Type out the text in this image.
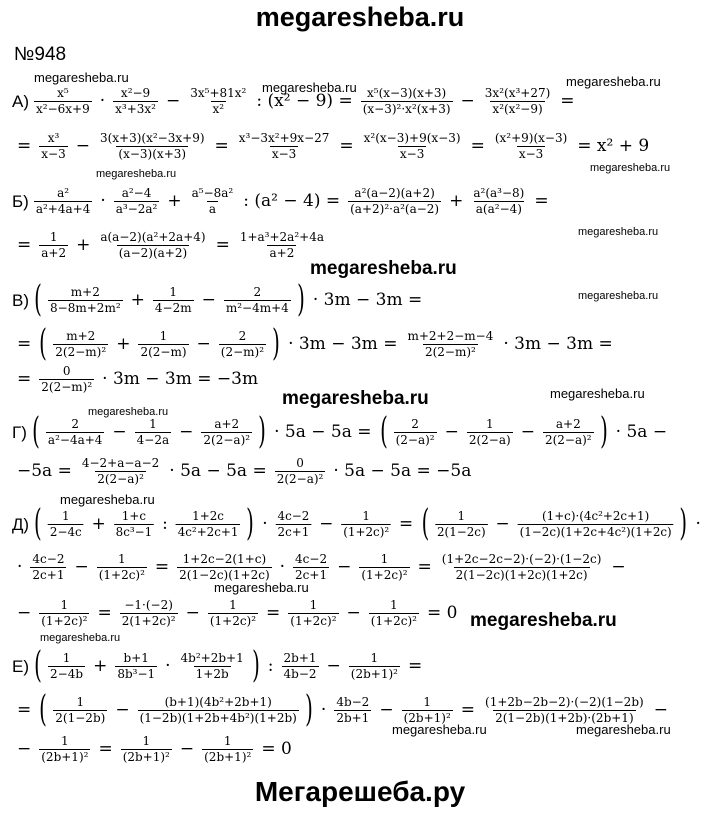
megaresheba.ru
№948
megaresheba.ru
megaresheba.ru	megaresheba.ru
megaresheba.ru
megaresheba.ru
megaresheba.ru
megaresheba.ru
megaresheba.ru
megaresheba.ru	megaresheba.ru
megaresheba.ru
megaresheba.ru
megaresheba.ru
megaresheba.ru
megaresheba.ru
megaresheba.ru	megaresheba.ru
$А) \frac{\text{x⁵}}{\text{x²−6x+9}} \cdot \frac{\text{x²−9}}{\text{x³+3x²}} - \frac{\text{3x⁵+81x²}}{\text{x²}}$ : $(x^2 - 9) = \frac{\text{x⁵(x−3)(x+3)}}{\text{(x−3)²·x²(x+3)}} - \frac{\text{3x²(x³+27)}}{\text{x²(x²−9)}}$ =
= $\frac{\text{x³}}{x-3} - \frac{\text{3(x+3)(x²−3x+9)}}{(x-3)(x+3)} = \frac{\text{x³−3x²+9x−27}}{x-3} = \frac{\text{x²(x−3)+9(x−3)}}{x-3} = \frac{\text{(x²+9)(x−3)}}{x-3} = x^2 + 9$
$Б) \frac{\text{a²}}{\text{a²+4a+4}} \cdot \frac{\text{a²−4}}{\text{a³−2a²}} + \frac{\text{a⁵−8a²}}{a}$ : $(a^2 - 4) = \frac{\text{a²(a−2)(a+2)}}{\text{(a+2)²·a²(a−2)}} + \frac{\text{a²(a³−8)}}{\text{a(a²−4)}}$ =
= $\frac{1}{a+2} + \frac{\text{a(a−2)(a²+2a+4)}}{(a-2)(a+2)} = \frac{\text{1+a³+2a²+4a}}{a+2}$
В) ( $\frac{m+2}{\text{8−8m+2m²}} + \frac{1}{4-2m} - \frac{2}{\text{m²−4m+4}}$ ) · 3m − 3m =
= ( $\frac{m+2}{\text{2(2−m)²}} + \frac{1}{2(2-m)} - \frac{2}{\text{(2−m)²}}$ ) · $3m - 3m = \frac{m+2+2-m-4}{\text{2(2−m)²}} \cdot 3m - 3m$ =
= $\frac{0}{\text{2(2−m)²}} \cdot 3m - 3m = -3m$
Г) ( $\frac{2}{\text{a²−4a+4}} - \frac{1}{4-2a} - \frac{a+2}{\text{2(2−a)²}}$ ) · 5a − 5a = ( $\frac{2}{\text{(2−a)²}} - \frac{1}{2(2-a)} - \frac{a+2}{\text{2(2−a)²}}$ ) · 5a −
$-5a = \frac{4-2+a-a-2}{\text{2(2−a)²}} \cdot 5a - 5a = \frac{0}{\text{2(2−a)²}} \cdot 5a - 5a = -5a$
Д) ( $\frac{1}{2-4c} + \frac{1+c}{\text{8c³−1}}$ : $\frac{1+2c}{\text{4c²+2c+1}}$ ) · $\frac{4c-2}{2c+1} - \frac{1}{\text{(1+2c)²}}$ = ( $\frac{1}{2(1-2c)} - \frac{\text{(1+c)·(4c²+2c+1)}}{\text{(1−2c)(1+2c+4c²)(1+2c)}}$ ) ·
· $\frac{4c-2}{2c+1} - \frac{1}{\text{(1+2c)²}} = \frac{1+2c-2(1+c)}{2(1-2c)(1+2c)} \cdot \frac{4c-2}{2c+1} - \frac{1}{\text{(1+2c)²}} = \frac{(1+2c-2c-2)\cdot(-2)\cdot(1-2c)}{2(1-2c)(1+2c)(1+2c)}$ −
− $\frac{1}{\text{(1+2c)²}} = \frac{-1\cdot(-2)}{\text{2(1+2c)²}} - \frac{1}{\text{(1+2c)²}} = \frac{1}{\text{(1+2c)²}} - \frac{1}{\text{(1+2c)²}} = 0$
Е) ( $\frac{1}{2-4b} + \frac{b+1}{\text{8b³−1}} \cdot \frac{\text{4b²+2b+1}}{1+2b}$ ) : $\frac{2b+1}{4b-2} - \frac{1}{\text{(2b+1)²}}$ =
= ( $\frac{1}{2(1-2b)} - \frac{\text{(b+1)(4b²+2b+1)}}{\text{(1−2b)(1+2b+4b²)(1+2b)}}$ ) · $\frac{4b-2}{2b+1} - \frac{1}{\text{(2b+1)²}} = \frac{(1+2b-2b-2)\cdot(-2)(1-2b)}{2(1-2b)(1+2b)\cdot(2b+1)}$ −
− $\frac{1}{\text{(2b+1)²}} = \frac{1}{\text{(2b+1)²}} - \frac{1}{\text{(2b+1)²}} = 0$
Мегарешеба.ру
